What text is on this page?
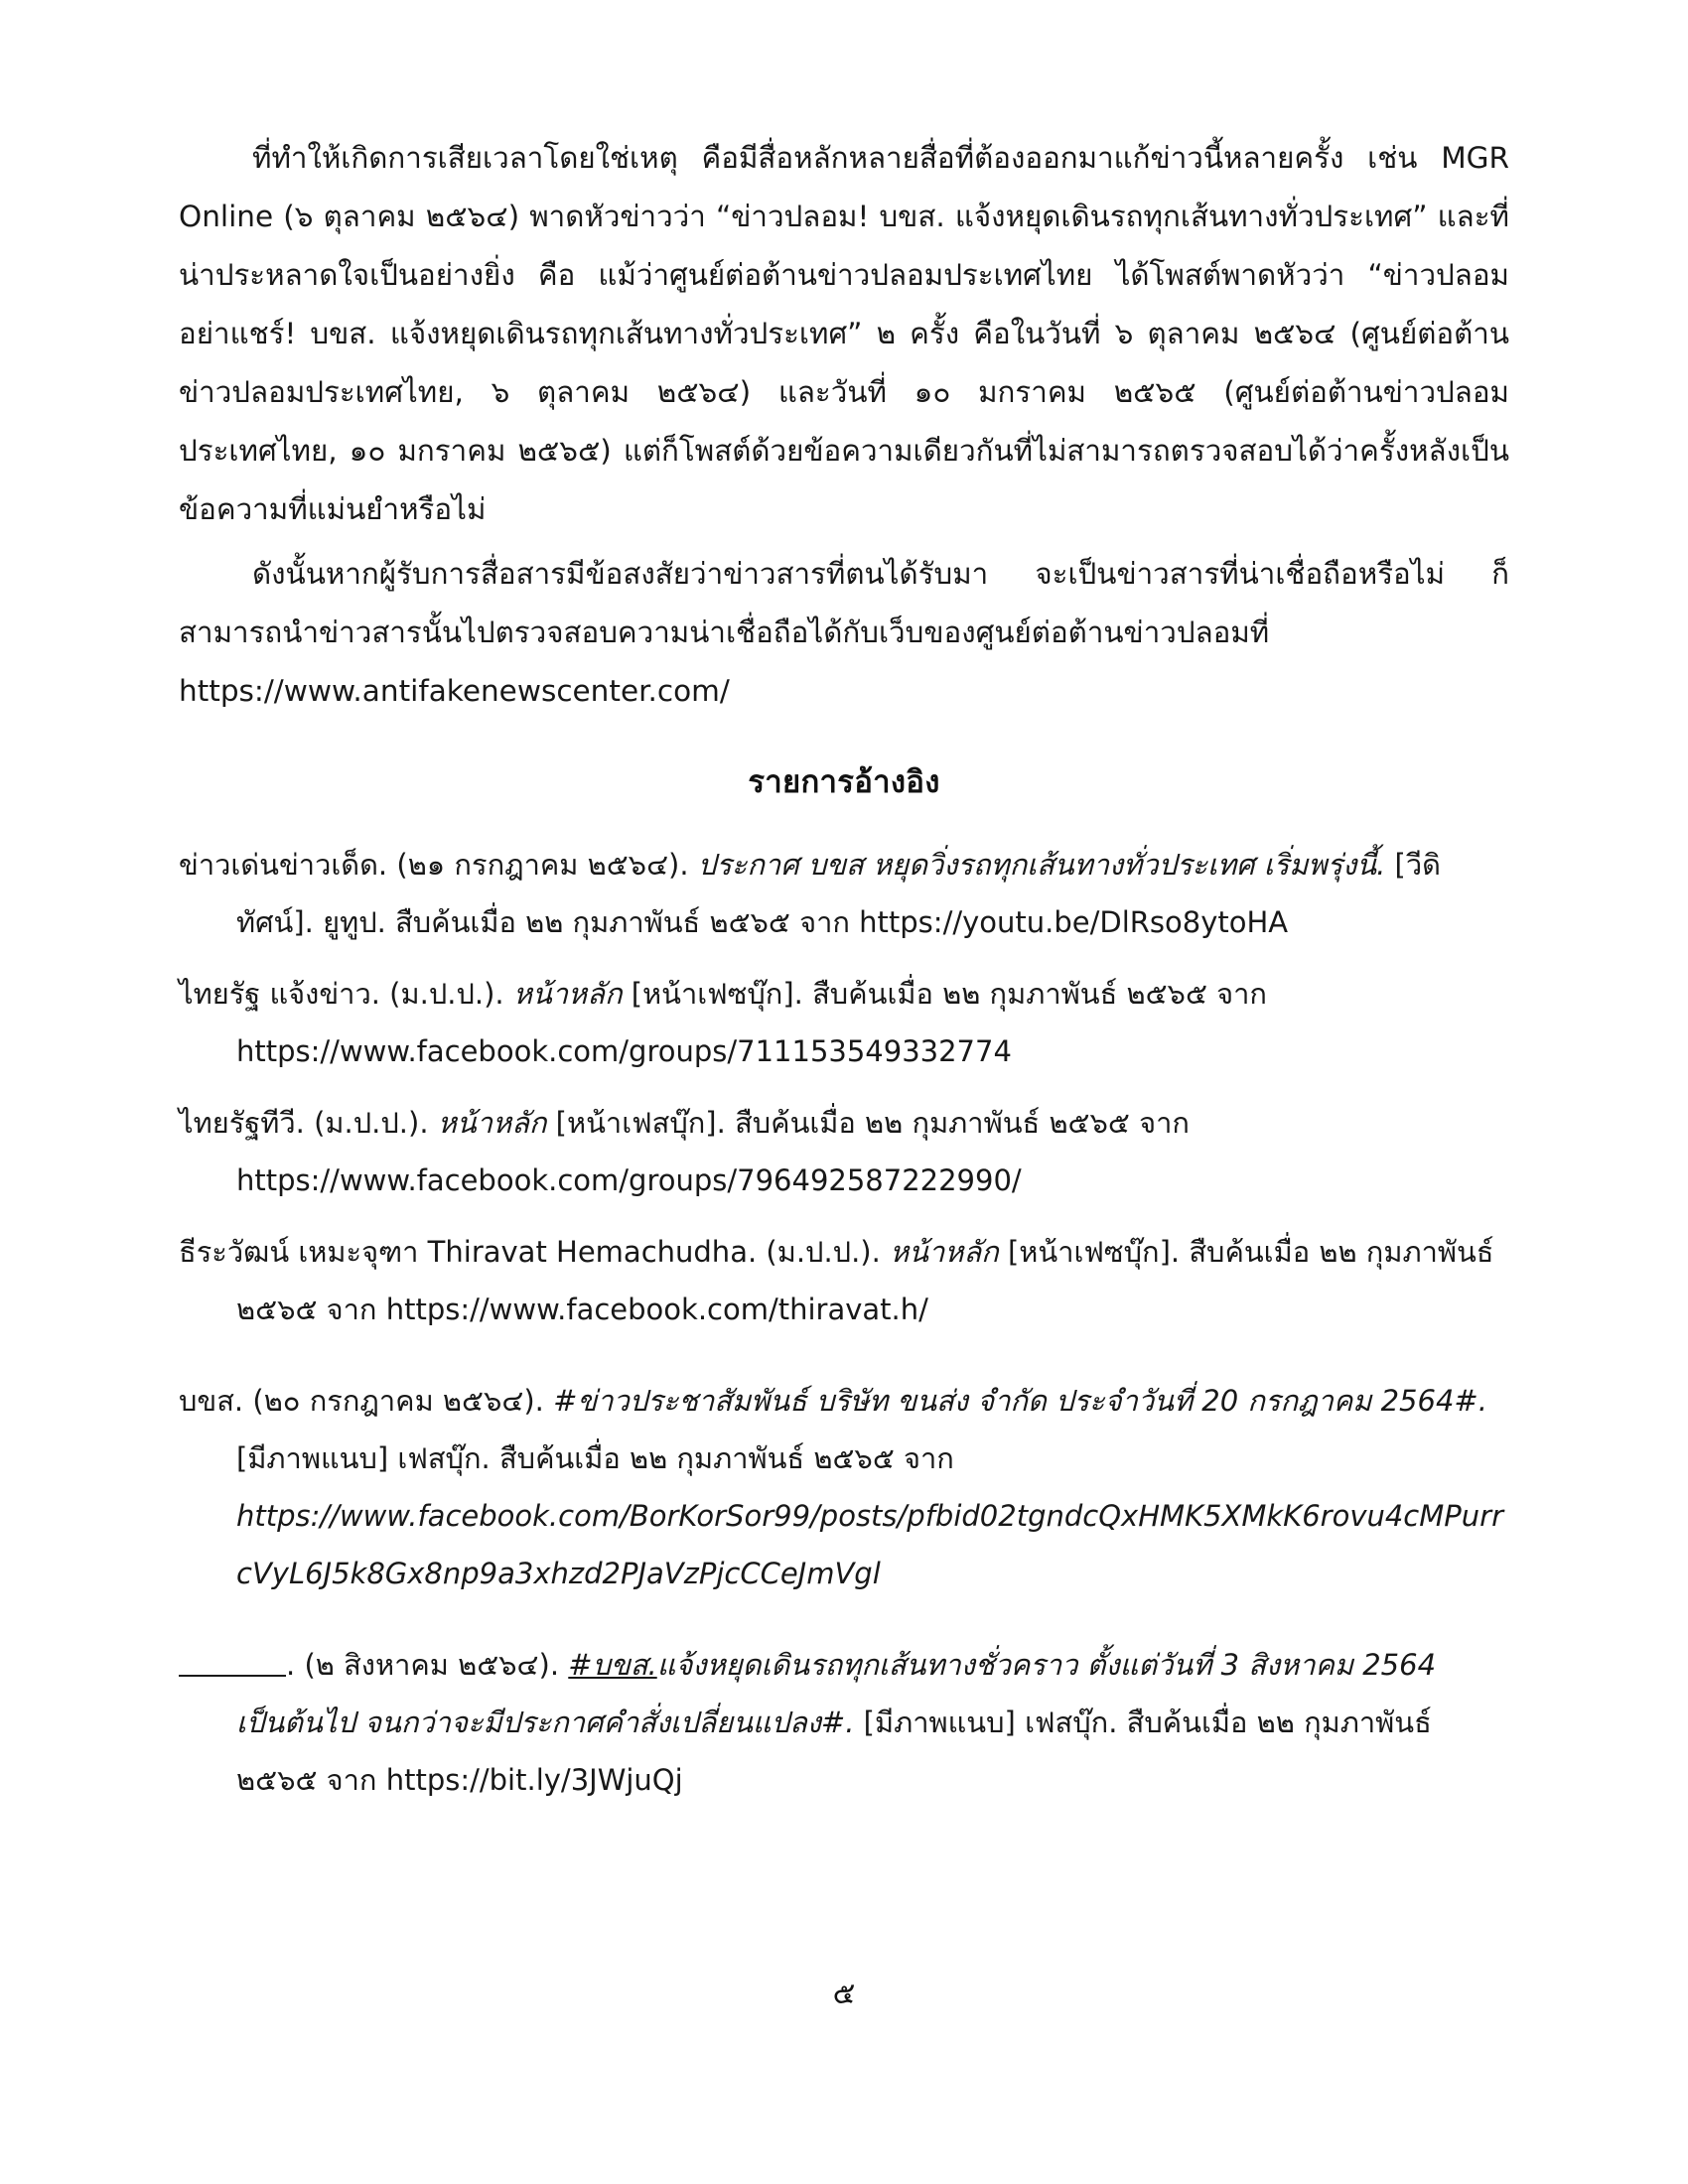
ที่ทำให้เกิดการเสียเวลาโดยใช่เหตุ คือมีสื่อหลักหลายสื่อที่ต้องออกมาแก้ข่าวนี้หลายครั้ง เช่น MGR Online (๖ ตุลาคม ๒๕๖๔) พาดหัวข่าวว่า “ข่าวปลอม! บขส. แจ้งหยุดเดินรถทุกเส้นทางทั่วประเทศ” และที่น่าประหลาดใจเป็นอย่างยิ่ง คือ แม้ว่าศูนย์ต่อต้านข่าวปลอมประเทศไทย ได้โพสต์พาดหัวว่า “ข่าวปลอม อย่าแชร์! บขส. แจ้งหยุดเดินรถทุกเส้นทางทั่วประเทศ” ๒ ครั้ง คือในวันที่ ๖ ตุลาคม ๒๕๖๔ (ศูนย์ต่อต้านข่าวปลอมประเทศไทย, ๖ ตุลาคม ๒๕๖๔) และวันที่ ๑๐ มกราคม ๒๕๖๕ (ศูนย์ต่อต้านข่าวปลอมประเทศไทย, ๑๐ มกราคม ๒๕๖๕) แต่ก็โพสต์ด้วยข้อความเดียวกันที่ไม่สามารถตรวจสอบได้ว่าครั้งหลังเป็นข้อความที่แม่นยำหรือไม่

ดังนั้นหากผู้รับการสื่อสารมีข้อสงสัยว่าข่าวสารที่ตนได้รับมา จะเป็นข่าวสารที่น่าเชื่อถือหรือไม่ ก็สามารถนำข่าวสารนั้นไปตรวจสอบความน่าเชื่อถือได้กับเว็บของศูนย์ต่อต้านข่าวปลอมที่ https://www.antifakenewscenter.com/

รายการอ้างอิง
ข่าวเด่นข่าวเด็ด. (๒๑ กรกฎาคม ๒๕๖๔). ประกาศ บขส หยุดวิ่งรถทุกเส้นทางทั่วประเทศ เริ่มพรุ่งนี้. [วีดิทัศน์]. ยูทูป. สืบค้นเมื่อ ๒๒ กุมภาพันธ์ ๒๕๖๕ จาก https://youtu.be/DlRso8ytoHA
ไทยรัฐ แจ้งข่าว. (ม.ป.ป.). หน้าหลัก [หน้าเฟซบุ๊ก]. สืบค้นเมื่อ ๒๒ กุมภาพันธ์ ๒๕๖๕ จาก
https://www.facebook.com/groups/711153549332774
ไทยรัฐทีวี. (ม.ป.ป.). หน้าหลัก [หน้าเฟสบุ๊ก]. สืบค้นเมื่อ ๒๒ กุมภาพันธ์ ๒๕๖๕ จาก
https://www.facebook.com/groups/796492587222990/
ธีระวัฒน์ เหมะจุฑา Thiravat Hemachudha. (ม.ป.ป.). หน้าหลัก [หน้าเฟซบุ๊ก]. สืบค้นเมื่อ ๒๒ กุมภาพันธ์ ๒๕๖๕ จาก https://www.facebook.com/thiravat.h/
บขส. (๒๐ กรกฎาคม ๒๕๖๔). #ข่าวประชาสัมพันธ์ บริษัท ขนส่ง จำกัด ประจำวันที่ 20 กรกฎาคม 2564#. [มีภาพแนบ] เฟสบุ๊ก. สืบค้นเมื่อ ๒๒ กุมภาพันธ์ ๒๕๖๕ จาก
https://www.facebook.com/BorKorSor99/posts/pfbid02tgndcQxHMK5XMkK6rovu4cMPurr
cVyL6J5k8Gx8np9a3xhzd2PJaVzPjcCCeJmVgl
. (๒ สิงหาคม ๒๕๖๔). #บขส.แจ้งหยุดเดินรถทุกเส้นทางชั่วคราว ตั้งแต่วันที่ 3 สิงหาคม 2564 เป็นต้นไป จนกว่าจะมีประกาศคำสั่งเปลี่ยนแปลง#. [มีภาพแนบ] เฟสบุ๊ก. สืบค้นเมื่อ ๒๒ กุมภาพันธ์ ๒๕๖๕ จาก https://bit.ly/3JWjuQj
๕
